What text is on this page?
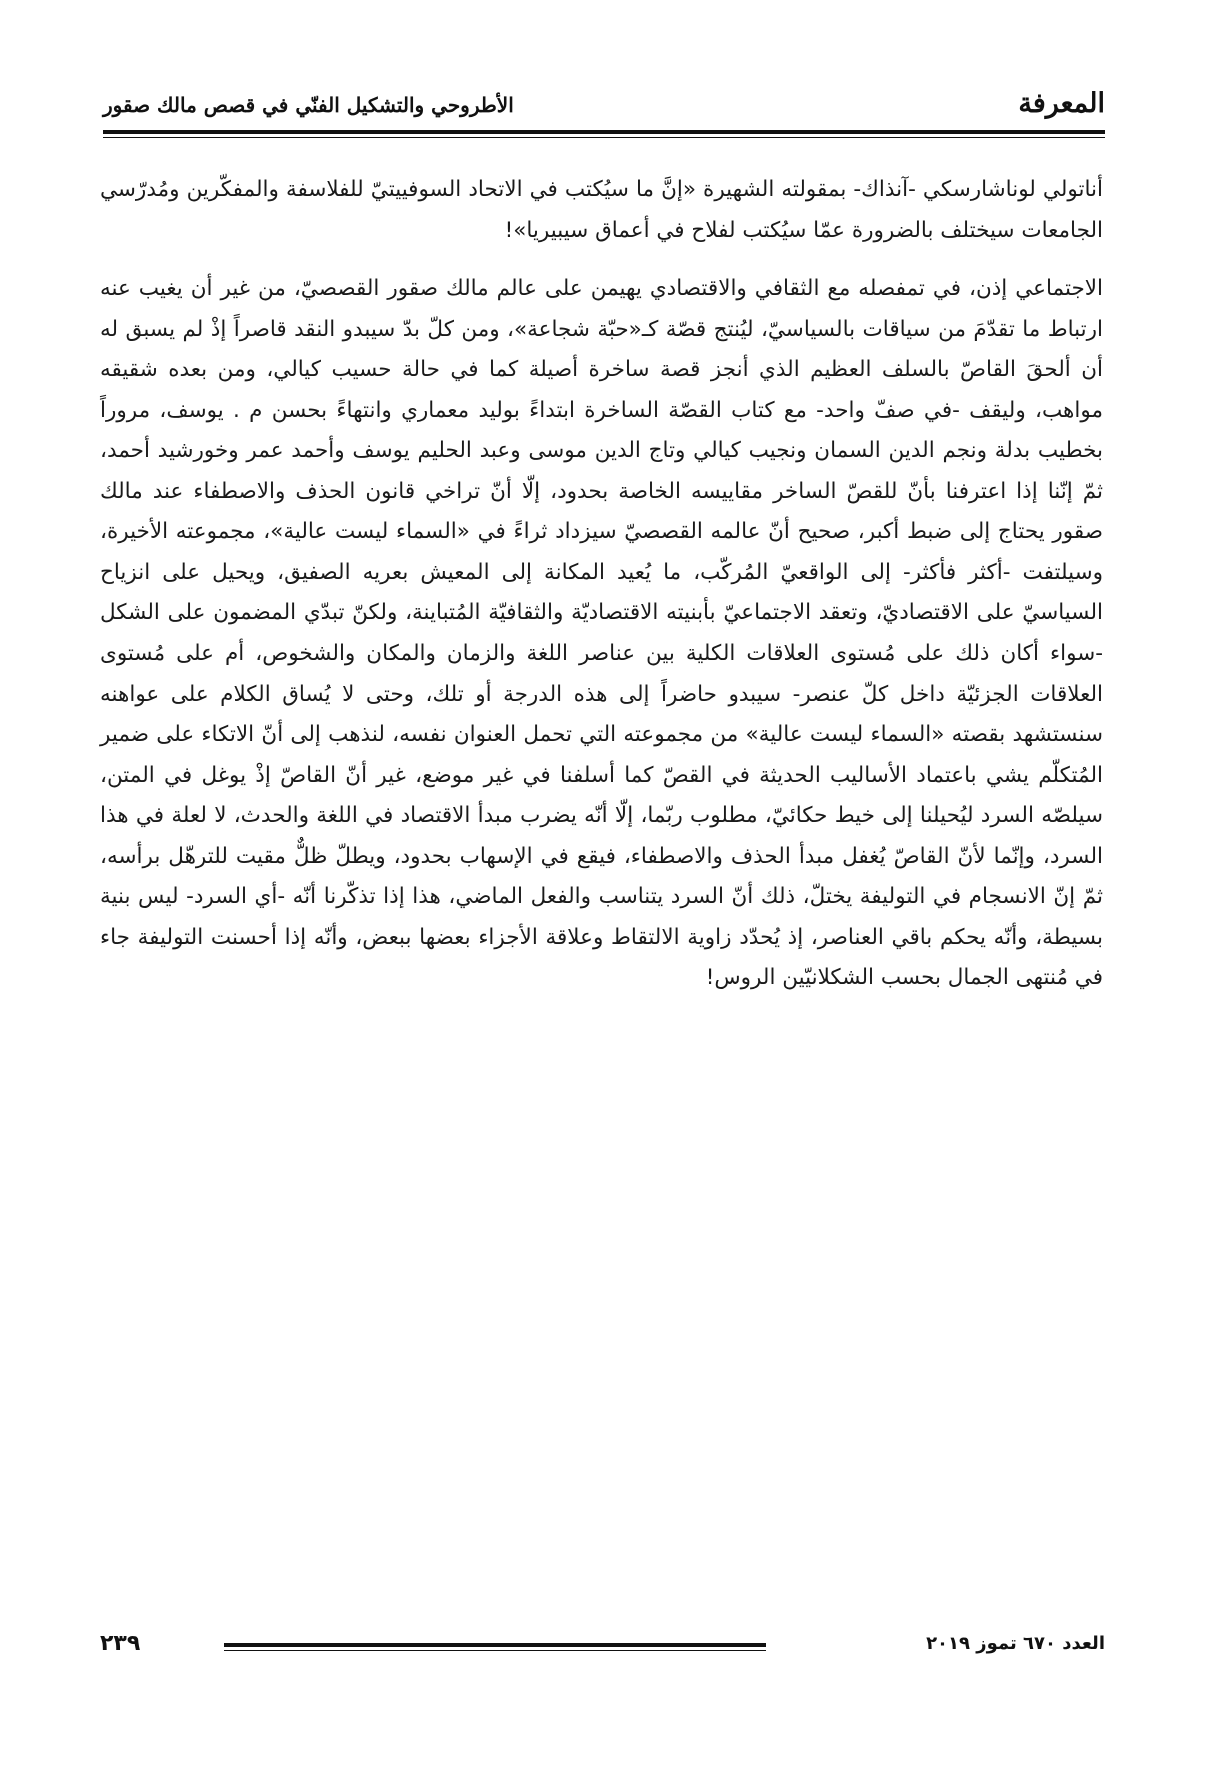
المعرفة
الأطروحي والتشكيل الفنّي في قصص مالك صقور

أناتولي لوناشارسكي -آنذاك- بمقولته الشهيرة «إنَّ ما سيُكتب في الاتحاد السوفييتيّ للفلاسفة والمفكّرين ومُدرّسي الجامعات سيختلف بالضرورة عمّا سيُكتب لفلاح في أعماق سيبيريا»!

الاجتماعي إذن، في تمفصله مع الثقافي والاقتصادي يهيمن على عالم مالك صقور القصصيّ، من غير أن يغيب عنه ارتباط ما تقدّمَ من سياقات بالسياسيّ، ليُنتج قصّة كـ«حبّة شجاعة»، ومن كلّ بدّ سيبدو النقد قاصراً إذْ لم يسبق له أن ألحقَ القاصّ بالسلف العظيم الذي أنجز قصة ساخرة أصيلة كما في حالة حسيب كيالي، ومن بعده شقيقه مواهب، وليقف -في صفّ واحد- مع كتاب القصّة الساخرة ابتداءً بوليد معماري وانتهاءً بحسن م . يوسف، مروراً بخطيب بدلة ونجم الدين السمان ونجيب كيالي وتاج الدين موسى وعبد الحليم يوسف وأحمد عمر وخورشيد أحمد، ثمّ إنّنا إذا اعترفنا بأنّ للقصّ الساخر مقاييسه الخاصة بحدود، إلّا أنّ تراخي قانون الحذف والاصطفاء عند مالك صقور يحتاج إلى ضبط أكبر، صحيح أنّ عالمه القصصيّ سيزداد ثراءً في «السماء ليست عالية»، مجموعته الأخيرة، وسيلتفت -أكثر فأكثر- إلى الواقعيّ المُركّب، ما يُعيد المكانة إلى المعيش بعريه الصفيق، ويحيل على انزياح السياسيّ على الاقتصاديّ، وتعقد الاجتماعيّ بأبنيته الاقتصاديّة والثقافيّة المُتباينة، ولكنّ تبدّي المضمون على الشكل -سواء أكان ذلك على مُستوى العلاقات الكلية بين عناصر اللغة والزمان والمكان والشخوص، أم على مُستوى العلاقات الجزئيّة داخل كلّ عنصر- سيبدو حاضراً إلى هذه الدرجة أو تلك، وحتى لا يُساق الكلام على عواهنه سنستشهد بقصته «السماء ليست عالية» من مجموعته التي تحمل العنوان نفسه، لنذهب إلى أنّ الاتكاء على ضمير المُتكلّم يشي باعتماد الأساليب الحديثة في القصّ كما أسلفنا في غير موضع، غير أنّ القاصّ إذْ يوغل في المتن، سيلصّه السرد ليُحيلنا إلى خيط حكائيّ، مطلوب ربّما، إلّا أنّه يضرب مبدأ الاقتصاد في اللغة والحدث، لا لعلة في هذا السرد، وإنّما لأنّ القاصّ يُغفل مبدأ الحذف والاصطفاء، فيقع في الإسهاب بحدود، ويطلّ ظلٌّ مقيت للترهّل برأسه، ثمّ إنّ الانسجام في التوليفة يختلّ، ذلك أنّ السرد يتناسب والفعل الماضي، هذا إذا تذكّرنا أنّه -أي السرد- ليس بنية بسيطة، وأنّه يحكم باقي العناصر، إذ يُحدّد زاوية الالتقاط وعلاقة الأجزاء بعضها ببعض، وأنّه إذا أحسنت التوليفة جاء في مُنتهى الجمال بحسب الشكلانيّين الروس!

العدد ٦٧٠ تموز ٢٠١٩
٢٣٩
